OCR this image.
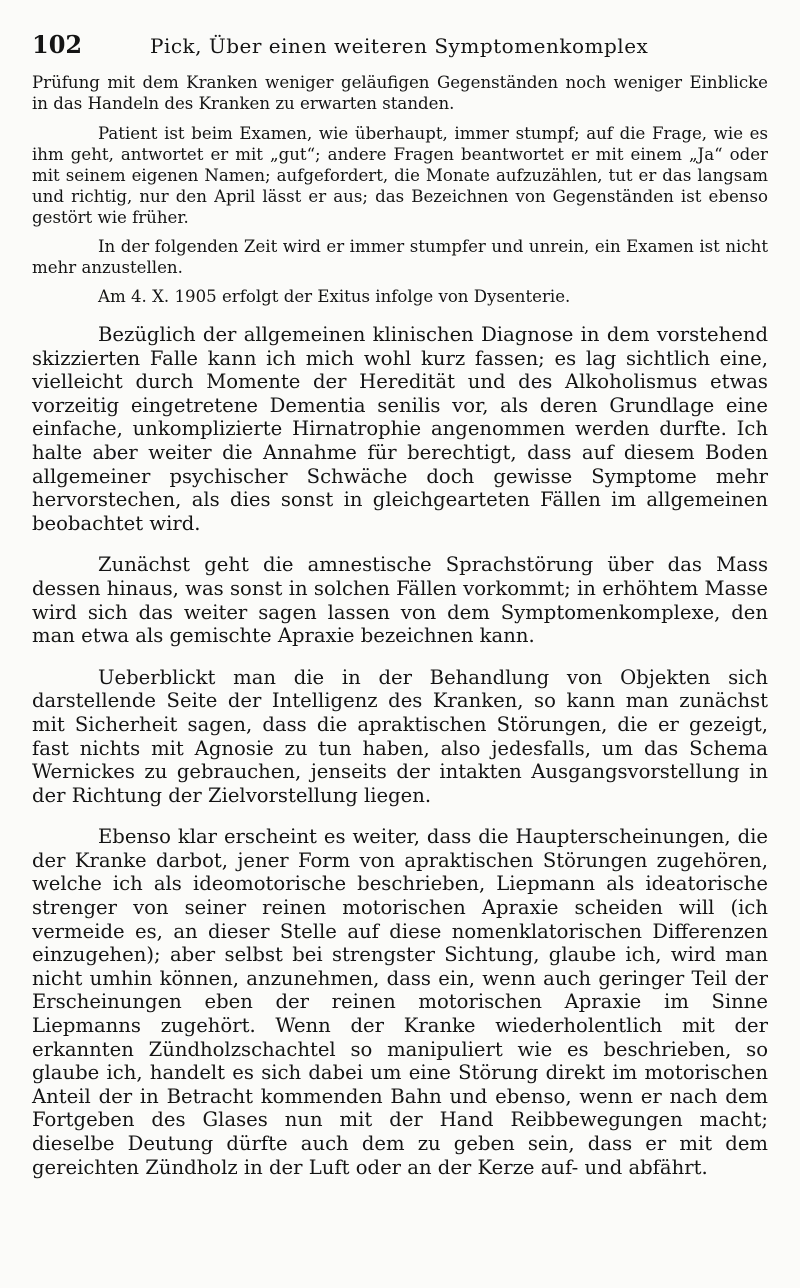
102	Pick, Über einen weiteren Symptomenkomplex

Prüfung mit dem Kranken weniger geläufigen Gegenständen noch weniger Einblicke in das Handeln des Kranken zu erwarten standen.

Patient ist beim Examen, wie überhaupt, immer stumpf; auf die Frage, wie es ihm geht, antwortet er mit „gut“; andere Fragen beantwortet er mit einem „Ja“ oder mit seinem eigenen Namen; aufgefordert, die Monate aufzuzählen, tut er das langsam und richtig, nur den April lässt er aus; das Bezeichnen von Gegenständen ist ebenso gestört wie früher.

In der folgenden Zeit wird er immer stumpfer und unrein, ein Examen ist nicht mehr anzustellen.

Am 4. X. 1905 erfolgt der Exitus infolge von Dysenterie.

Bezüglich der allgemeinen klinischen Diagnose in dem vorstehend skizzierten Falle kann ich mich wohl kurz fassen; es lag sichtlich eine, vielleicht durch Momente der Heredität und des Alkoholismus etwas vorzeitig eingetretene Dementia senilis vor, als deren Grundlage eine einfache, unkomplizierte Hirnatrophie angenommen werden durfte. Ich halte aber weiter die Annahme für berechtigt, dass auf diesem Boden allgemeiner psychischer Schwäche doch gewisse Symptome mehr hervorstechen, als dies sonst in gleichgearteten Fällen im allgemeinen beobachtet wird.

Zunächst geht die amnestische Sprachstörung über das Mass dessen hinaus, was sonst in solchen Fällen vorkommt; in erhöhtem Masse wird sich das weiter sagen lassen von dem Symptomenkomplexe, den man etwa als gemischte Apraxie bezeichnen kann.

Ueberblickt man die in der Behandlung von Objekten sich darstellende Seite der Intelligenz des Kranken, so kann man zunächst mit Sicherheit sagen, dass die apraktischen Störungen, die er gezeigt, fast nichts mit Agnosie zu tun haben, also jedesfalls, um das Schema Wernickes zu gebrauchen, jenseits der intakten Ausgangsvorstellung in der Richtung der Zielvorstellung liegen.

Ebenso klar erscheint es weiter, dass die Haupterscheinungen, die der Kranke darbot, jener Form von apraktischen Störungen zugehören, welche ich als ideomotorische beschrieben, Liepmann als ideatorische strenger von seiner reinen motorischen Apraxie scheiden will (ich vermeide es, an dieser Stelle auf diese nomenklatorischen Differenzen einzugehen); aber selbst bei strengster Sichtung, glaube ich, wird man nicht umhin können, anzunehmen, dass ein, wenn auch geringer Teil der Erscheinungen eben der reinen motorischen Apraxie im Sinne Liepmanns zugehört. Wenn der Kranke wiederholentlich mit der erkannten Zündholzschachtel so manipuliert wie es beschrieben, so glaube ich, handelt es sich dabei um eine Störung direkt im motorischen Anteil der in Betracht kommenden Bahn und ebenso, wenn er nach dem Fortgeben des Glases nun mit der Hand Reibbewegungen macht; dieselbe Deutung dürfte auch dem zu geben sein, dass er mit dem gereichten Zündholz in der Luft oder an der Kerze auf- und abfährt.
